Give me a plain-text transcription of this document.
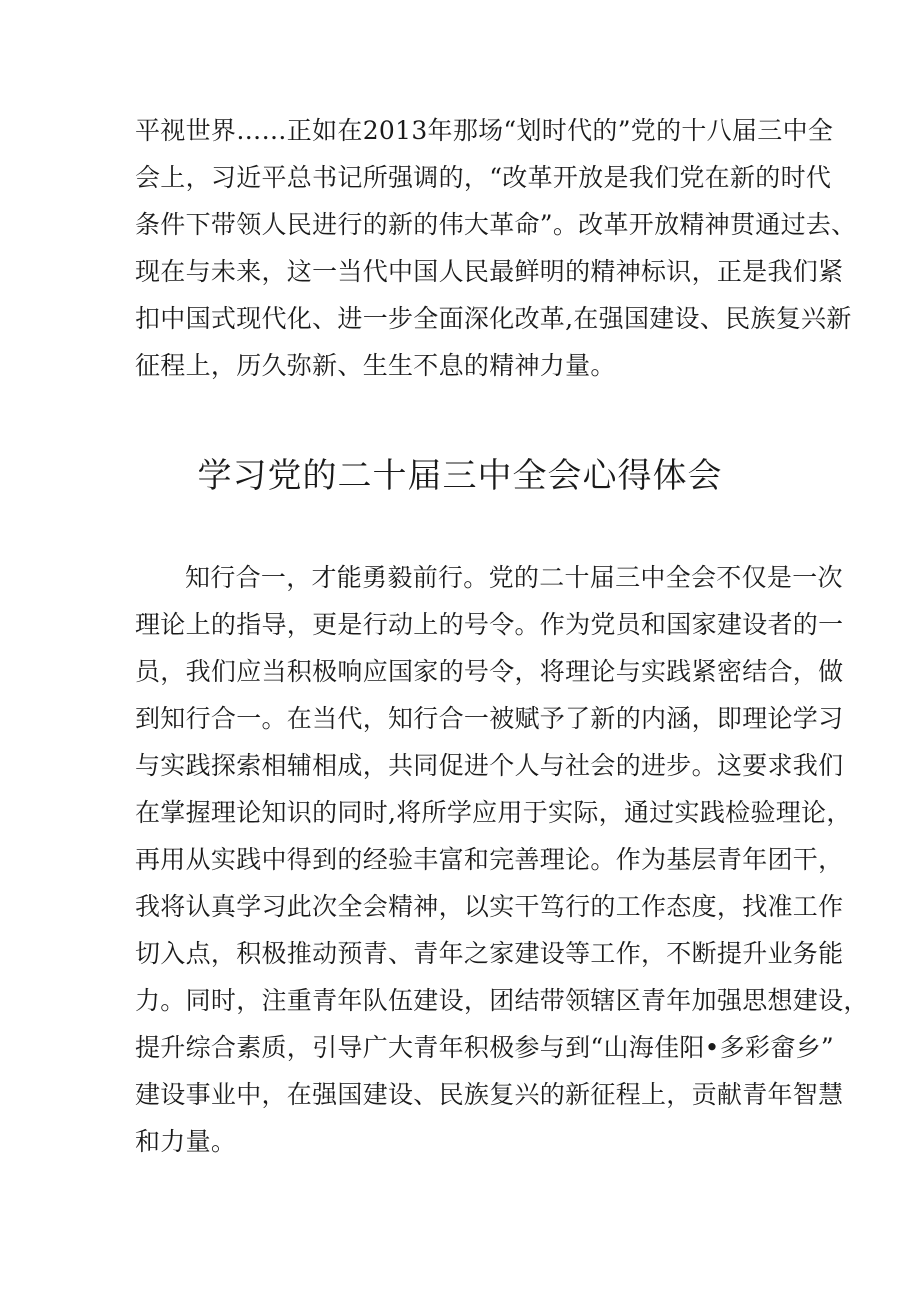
平视世界……正如在2013年那场“划时代的”党的十八届三中全
会上，习近平总书记所强调的，“改革开放是我们党在新的时代
条件下带领人民进行的新的伟大革命”。改革开放精神贯通过去、
现在与未来，这一当代中国人民最鲜明的精神标识，正是我们紧
扣中国式现代化、进一步全面深化改革,在强国建设、民族复兴新
征程上，历久弥新、生生不息的精神力量。
学习党的二十届三中全会心得体会
知行合一，才能勇毅前行。党的二十届三中全会不仅是一次
理论上的指导，更是行动上的号令。作为党员和国家建设者的一
员，我们应当积极响应国家的号令，将理论与实践紧密结合，做
到知行合一。在当代，知行合一被赋予了新的内涵，即理论学习
与实践探索相辅相成，共同促进个人与社会的进步。这要求我们
在掌握理论知识的同时,将所学应用于实际，通过实践检验理论，
再用从实践中得到的经验丰富和完善理论。作为基层青年团干，
我将认真学习此次全会精神，以实干笃行的工作态度，找准工作
切入点，积极推动预青、青年之家建设等工作，不断提升业务能
力。同时，注重青年队伍建设，团结带领辖区青年加强思想建设，
提升综合素质，引导广大青年积极参与到“山海佳阳•多彩畲乡”
建设事业中，在强国建设、民族复兴的新征程上，贡献青年智慧
和力量。
